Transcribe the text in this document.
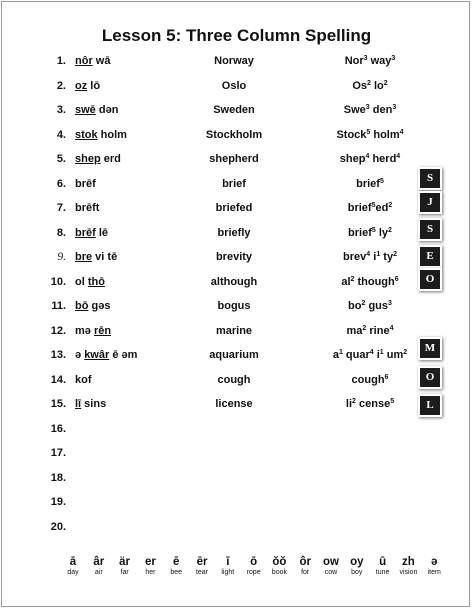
Lesson 5: Three Column Spelling
1. nôr wā	Norway	Nor$^3$ way$^3$
2. oz lō	Oslo	Os$^2$ $lo^2$
3. swē dən	Sweden	Swe$^3$ den$^3$
4. stok holm	Stockholm	Stock$^5$ holm$^4$
5. shep erd	shepherd	shep$^4$ herd$^4$
6. brēf	brief	brief$^5$
7. brēft	briefed	$brief^5ed^2$
8. brēf lē	briefly	brief$^5$ $ly^2$
9. bre vi tē	brevity	brev$^4$ $i^1$ $ty^2$
10. ol thō	although	$al^2$ though$^6$
11. bō gəs	bogus	$bo^2$ gus$^3$
12. mə rēn	marine	$ma^2$ rine$^4$
13. ə kwâr ē əm	aquarium	$a^1$ quar$^4$ $i^1$ $um^2$
14. kof	cough	cough$^6$
15. lī sins	license	$li^2$ cense$^5$
16.
17.
18.
19.
20.
S
J
S
E
O
M
O
L
ā
day
âr
air
är
far
er
her
ē
bee
ēr
tear
ī
light
ō
rope
ŏŏ
book
ôr
for
ow
cow
oy
boy
ū
tune
zh
vision
ə
item
